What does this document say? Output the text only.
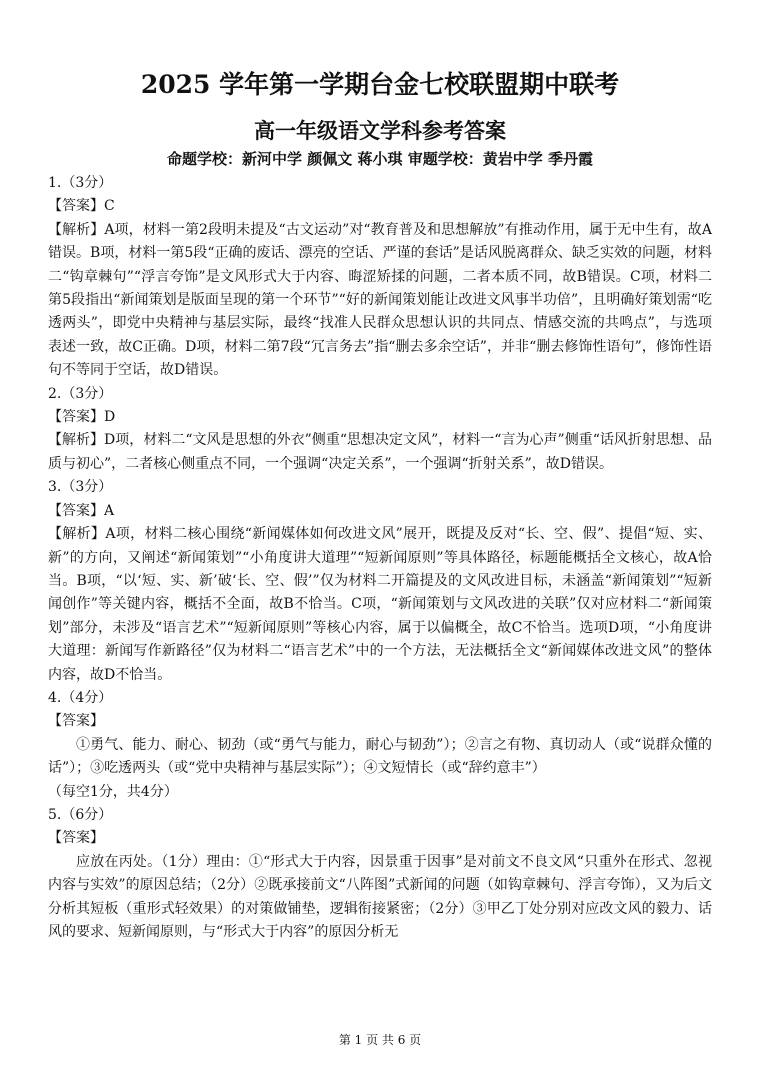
2025 学年第一学期台金七校联盟期中联考
高一年级语文学科参考答案

命题学校：新河中学 颜佩文 蒋小琪 审题学校：黄岩中学 季丹霞

1.（3分）

【答案】C

【解析】A项，材料一第2段明未提及“古文运动”对“教育普及和思想解放”有推动作用，属于无中生有，故A错误。B项，材料一第5段“正确的废话、漂亮的空话、严谨的套话”是话风脱离群众、缺乏实效的问题，材料二“钩章棘句”“浮言夸饰”是文风形式大于内容、晦涩矫揉的问题，二者本质不同，故B错误。C项，材料二第5段指出“新闻策划是版面呈现的第一个环节”“好的新闻策划能让改进文风事半功倍”，且明确好策划需“吃透两头”，即党中央精神与基层实际，最终“找准人民群众思想认识的共同点、情感交流的共鸣点”，与选项表述一致，故C正确。D项，材料二第7段“冗言务去”指“删去多余空话”，并非“删去修饰性语句”，修饰性语句不等同于空话，故D错误。

2.（3分）

【答案】D

【解析】D项，材料二“文风是思想的外衣”侧重“思想决定文风”，材料一“言为心声”侧重“话风折射思想、品质与初心”，二者核心侧重点不同，一个强调“决定关系”，一个强调“折射关系”，故D错误。

3.（3分）

【答案】A

【解析】A项，材料二核心围绕“新闻媒体如何改进文风”展开，既提及反对“长、空、假”、提倡“短、实、新”的方向，又阐述“新闻策划”“小角度讲大道理”“短新闻原则”等具体路径，标题能概括全文核心，故A恰当。B项，“以‘短、实、新’破‘长、空、假’”仅为材料二开篇提及的文风改进目标，未涵盖“新闻策划”“短新闻创作”等关键内容，概括不全面，故B不恰当。C项，“新闻策划与文风改进的关联”仅对应材料二“新闻策划”部分，未涉及“语言艺术”“短新闻原则”等核心内容，属于以偏概全，故C不恰当。选项D项，“小角度讲大道理：新闻写作新路径”仅为材料二“语言艺术”中的一个方法，无法概括全文“新闻媒体改进文风”的整体内容，故D不恰当。

4.（4分）

【答案】

①勇气、能力、耐心、韧劲（或“勇气与能力，耐心与韧劲”）；②言之有物、真切动人（或“说群众懂的话”）；③吃透两头（或“党中央精神与基层实际”）；④文短情长（或“辞约意丰”）

（每空1分，共4分）

5.（6分）

【答案】

应放在丙处。（1分）理由：①“形式大于内容，因景重于因事”是对前文不良文风“只重外在形式、忽视内容与实效”的原因总结；（2分）②既承接前文“八阵图”式新闻的问题（如钩章棘句、浮言夸饰），又为后文分析其短板（重形式轻效果）的对策做铺垫，逻辑衔接紧密；（2分）③甲乙丁处分别对应改文风的毅力、话风的要求、短新闻原则，与“形式大于内容”的原因分析无

第 1 页 共 6 页
